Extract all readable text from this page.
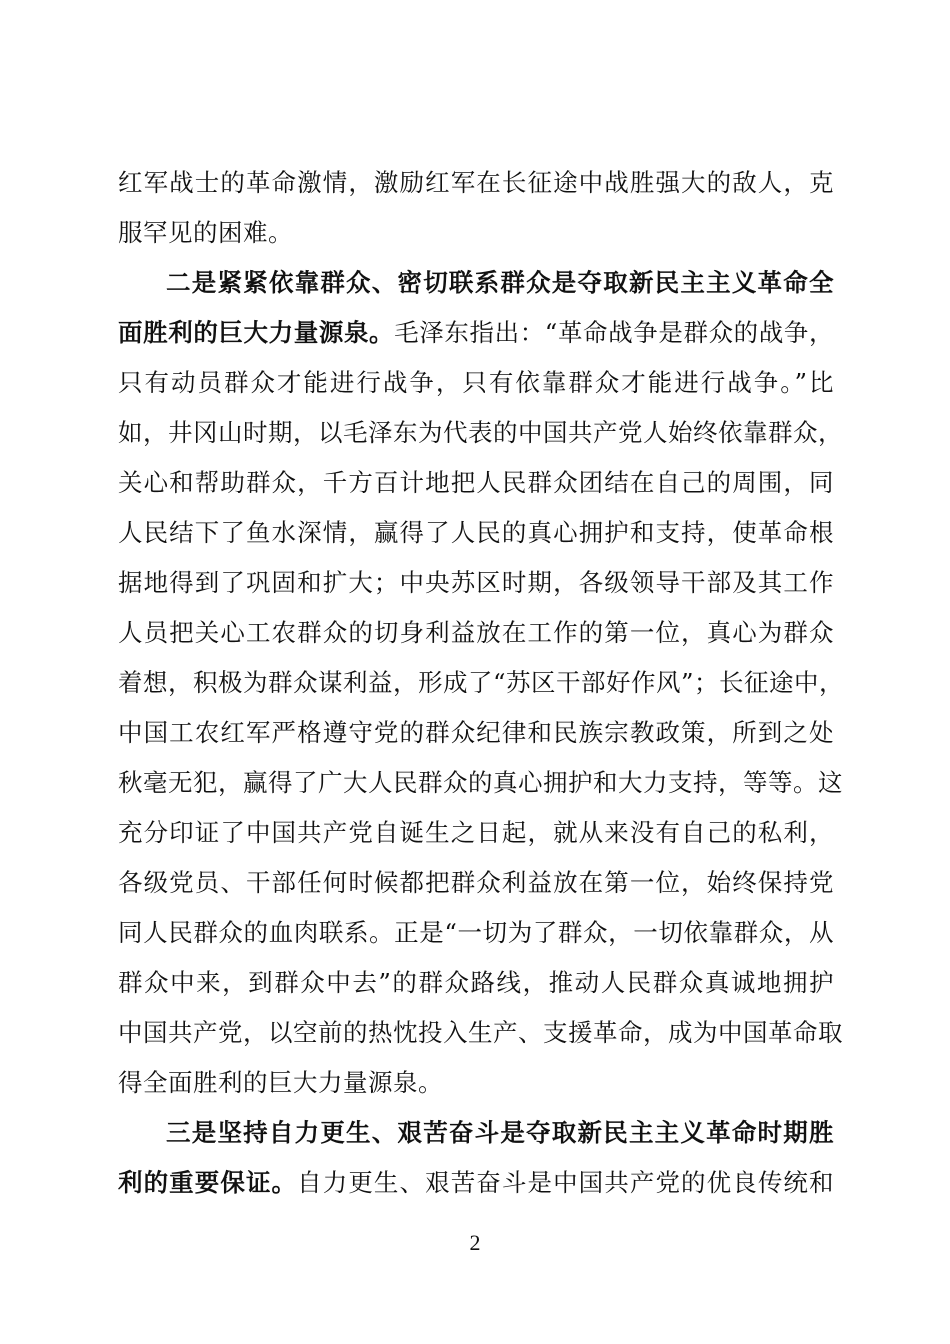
红军战士的革命激情，激励红军在长征途中战胜强大的敌人，克
服罕见的困难。
二是紧紧依靠群众、密切联系群众是夺取新民主主义革命全
面胜利的巨大力量源泉。毛泽东指出：“革命战争是群众的战争，
只有动员群众才能进行战争，只有依靠群众才能进行战争。”比
如，井冈山时期，以毛泽东为代表的中国共产党人始终依靠群众，
关心和帮助群众，千方百计地把人民群众团结在自己的周围，同
人民结下了鱼水深情，赢得了人民的真心拥护和支持，使革命根
据地得到了巩固和扩大；中央苏区时期，各级领导干部及其工作
人员把关心工农群众的切身利益放在工作的第一位，真心为群众
着想，积极为群众谋利益，形成了“苏区干部好作风”；长征途中，
中国工农红军严格遵守党的群众纪律和民族宗教政策，所到之处
秋毫无犯，赢得了广大人民群众的真心拥护和大力支持，等等。这
充分印证了中国共产党自诞生之日起，就从来没有自己的私利，
各级党员、干部任何时候都把群众利益放在第一位，始终保持党
同人民群众的血肉联系。正是“一切为了群众，一切依靠群众，从
群众中来，到群众中去”的群众路线，推动人民群众真诚地拥护
中国共产党，以空前的热忱投入生产、支援革命，成为中国革命取
得全面胜利的巨大力量源泉。
三是坚持自力更生、艰苦奋斗是夺取新民主主义革命时期胜
利的重要保证。自力更生、艰苦奋斗是中国共产党的优良传统和
2
